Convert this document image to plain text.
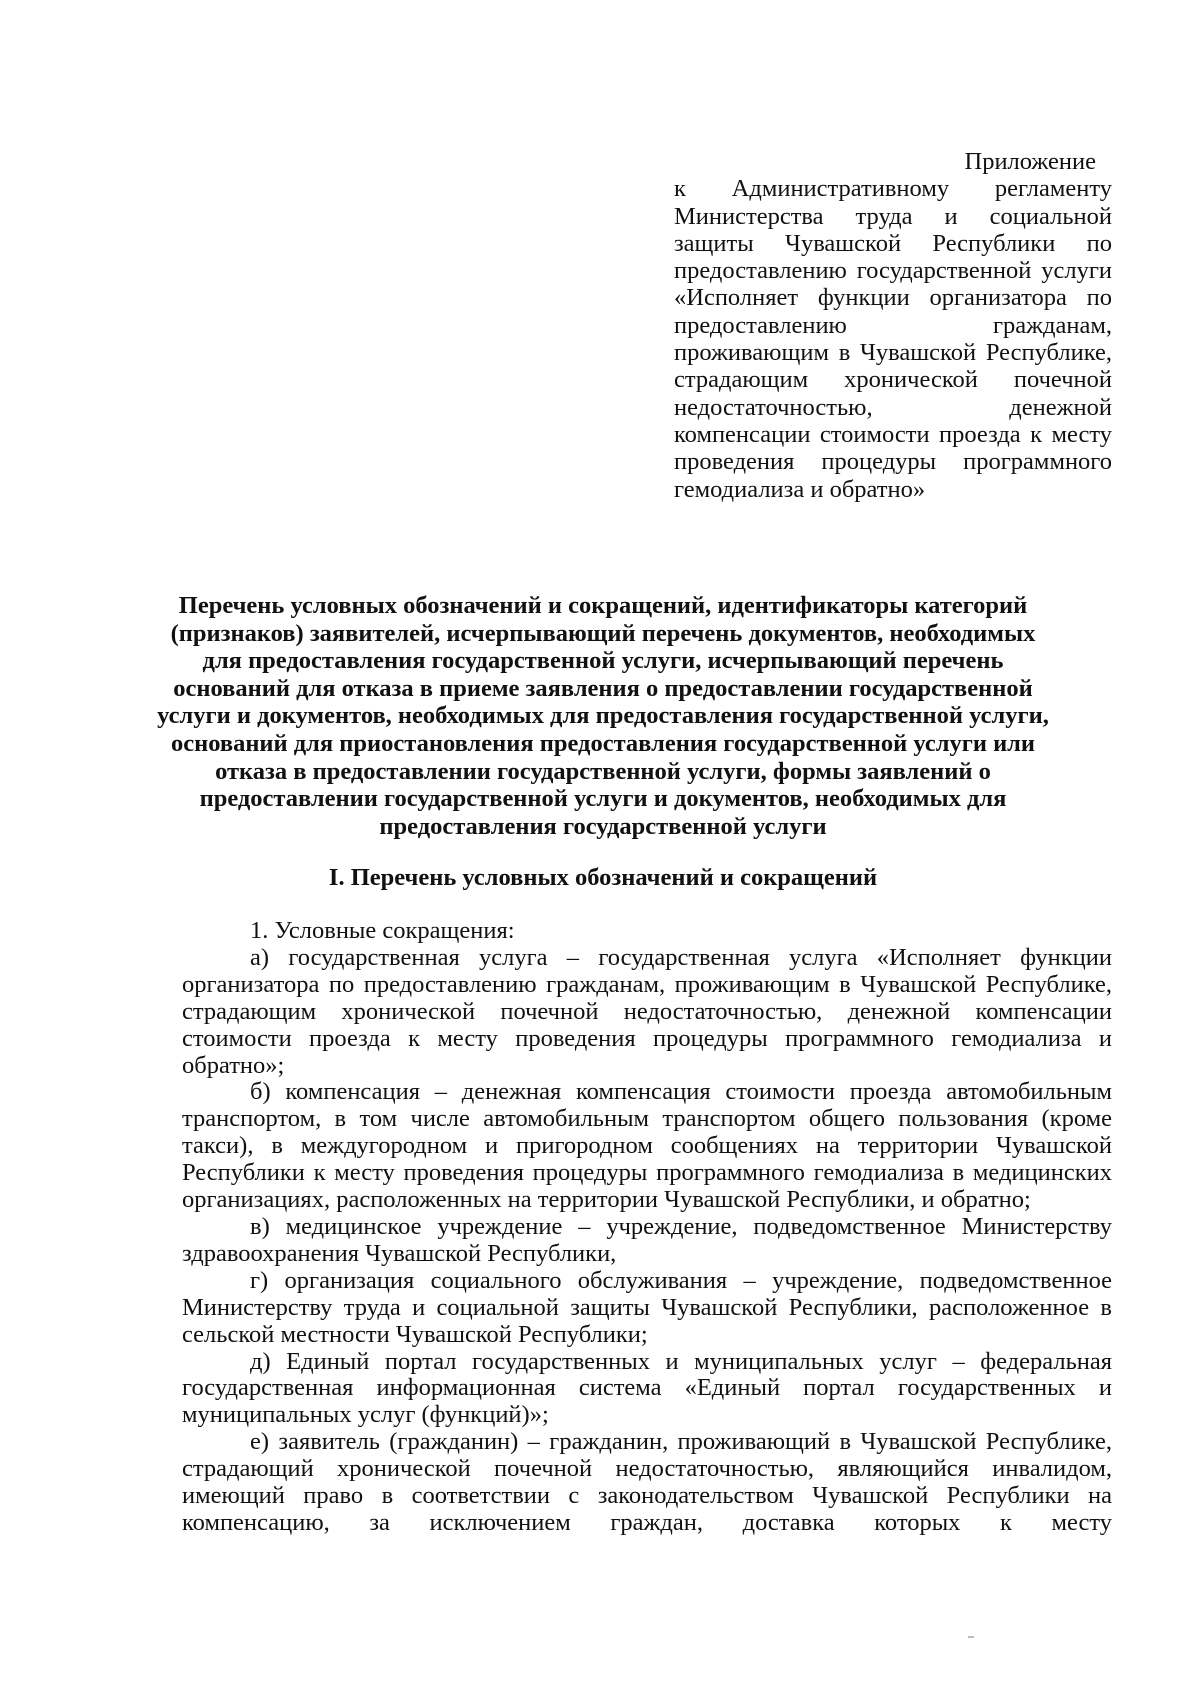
Приложение

к Административному регламенту Министерства труда и социальной защиты Чувашской Республики по предоставлению государственной услуги «Исполняет функции организатора по предоставлению гражданам, проживающим в Чувашской Республике, страдающим хронической почечной недостаточностью, денежной компенсации стоимости проезда к месту проведения процедуры программного гемодиализа и обратно»

Перечень условных обозначений и сокращений, идентификаторы категорий (признаков) заявителей, исчерпывающий перечень документов, необходимых для предоставления государственной услуги, исчерпывающий перечень оснований для отказа в приеме заявления о предоставлении государственной услуги и документов, необходимых для предоставления государственной услуги, оснований для приостановления предоставления государственной услуги или отказа в предоставлении государственной услуги, формы заявлений о предоставлении государственной услуги и документов, необходимых для предоставления государственной услуги
I. Перечень условных обозначений и сокращений

1. Условные сокращения:

а) государственная услуга – государственная услуга «Исполняет функции организатора по предоставлению гражданам, проживающим в Чувашской Республике, страдающим хронической почечной недостаточностью, денежной компенсации стоимости проезда к месту проведения процедуры программного гемодиализа и обратно»;

б) компенсация – денежная компенсация стоимости проезда автомобильным транспортом, в том числе автомобильным транспортом общего пользования (кроме такси), в междугородном и пригородном сообщениях на территории Чувашской Республики к месту проведения процедуры программного гемодиализа в медицинских организациях, расположенных на территории Чувашской Республики, и обратно;

в) медицинское учреждение – учреждение, подведомственное Министерству здравоохранения Чувашской Республики,

г) организация социального обслуживания – учреждение, подведомственное Министерству труда и социальной защиты Чувашской Республики, расположенное в сельской местности Чувашской Республики;

д) Единый портал государственных и муниципальных услуг – федеральная государственная информационная система «Единый портал государственных и муниципальных услуг (функций)»;

е) заявитель (гражданин) – гражданин, проживающий в Чувашской Республике, страдающий хронической почечной недостаточностью, являющийся инвалидом, имеющий право в соответствии с законодательством Чувашской Республики на компенсацию, за исключением граждан, доставка которых к месту
